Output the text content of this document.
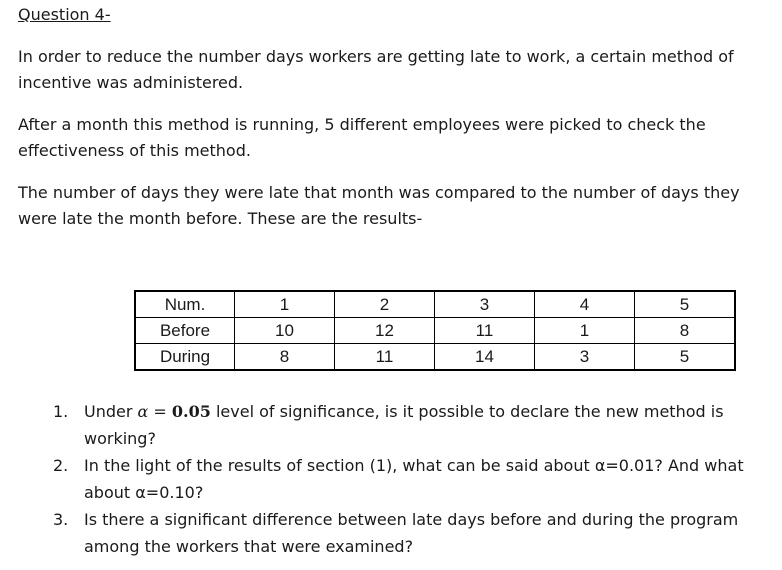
Question 4-

In order to reduce the number days workers are getting late to work, a certain method of incentive was administered.

After a month this method is running, 5 different employees were picked to check the effectiveness of this method.

The number of days they were late that month was compared to the number of days they were late the month before. These are the results-

Num.	1	2	3	4	5
Before	10	12	11	1	8
During	8	11	14	3	5
1. Under α = 0.05 level of significance, is it possible to declare the new method is working?
2. In the light of the results of section (1), what can be said about α=0.01? And what about α=0.10?
3. Is there a significant difference between late days before and during the program among the workers that were examined?
